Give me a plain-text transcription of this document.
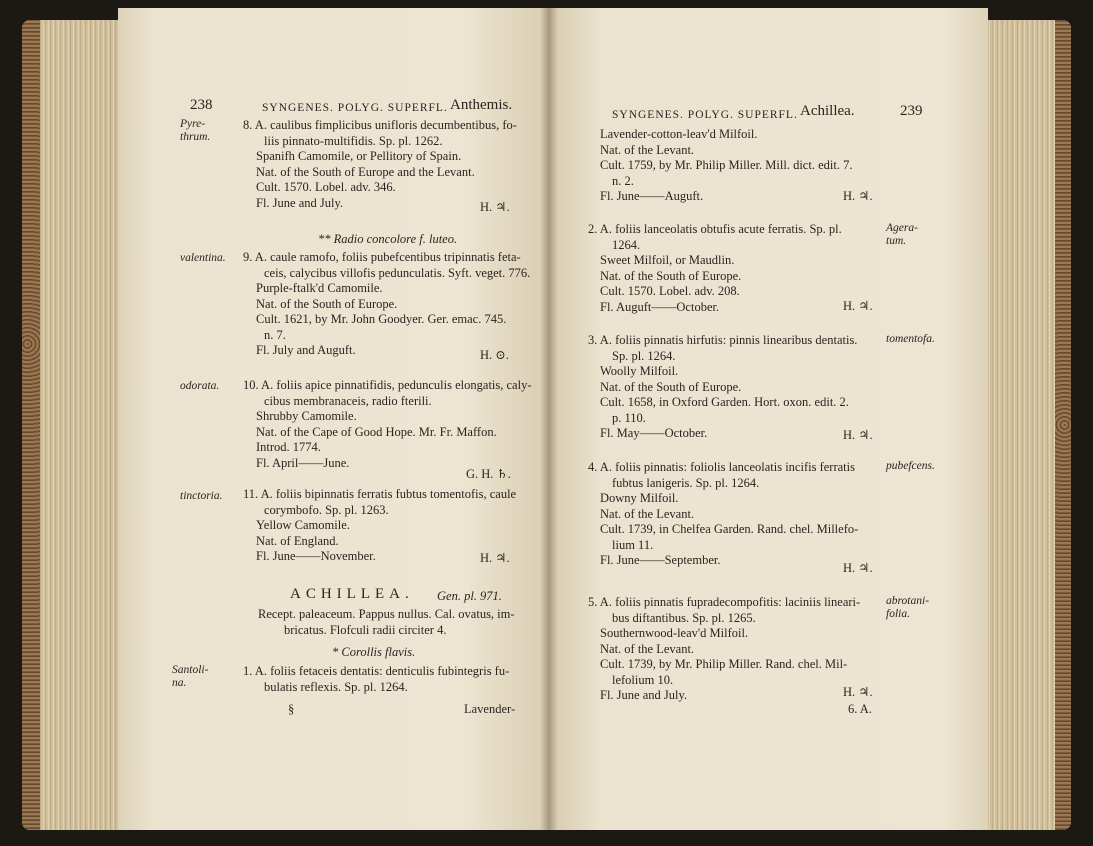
238	SYNGENES. POLYG. SUPERFL. Anthemis.
Pyre-
thrum.
8. A. caulibus fimplicibus unifloris decumbentibus, fo-
liis pinnato-multifidis. Sp. pl. 1262.
Spanifh Camomile, or Pellitory of Spain.
Nat. of the South of Europe and the Levant.
Cult. 1570. Lobel. adv. 346.
Fl. June and July.	H. ♃.
** Radio concolore f. luteo.
valentina. 9. A. caule ramofo, foliis pubefcentibus tripinnatis feta-
ceis, calycibus villofis pedunculatis. Syft. veget. 776.
Purple-ftalk'd Camomile.
Nat. of the South of Europe.
Cult. 1621, by Mr. John Goodyer. Ger. emac. 745.
n. 7.
Fl. July and Auguft.	H. ⊙.
odorata. 10. A. foliis apice pinnatifidis, pedunculis elongatis, caly-
cibus membranaceis, radio fterili.
Shrubby Camomile.
Nat. of the Cape of Good Hope. Mr. Fr. Maffon.
Introd. 1774.
Fl. April——June.
G. H. ♄.
tinctoria. 11. A. foliis bipinnatis ferratis fubtus tomentofis, caule
corymbofo. Sp. pl. 1263.
Yellow Camomile.
Nat. of England.
Fl. June——November.	H. ♃.
ACHILLEA. Gen. pl. 971.
Recept. paleaceum. Pappus nullus. Cal. ovatus, im-
bricatus. Flofculi radii circiter 4.
* Corollis flavis.
Santoli-
na.
1. A. foliis fetaceis dentatis: denticulis fubintegris fu-
bulatis reflexis. Sp. pl. 1264.
§	Lavender-
SYNGENES. POLYG. SUPERFL. Achillea.	239
Lavender-cotton-leav'd Milfoil.
Nat. of the Levant.
Cult. 1759, by Mr. Philip Miller. Mill. dict. edit. 7.
n. 2.
Fl. June——Auguft.	H. ♃.
Agera-
tum.
2. A. foliis lanceolatis obtufis acute ferratis. Sp. pl.
1264.
Sweet Milfoil, or Maudlin.
Nat. of the South of Europe.
Cult. 1570. Lobel. adv. 208.
Fl. Auguft——October.	H. ♃.
tomentofa.
3. A. foliis pinnatis hirfutis: pinnis linearibus dentatis.
Sp. pl. 1264.
Woolly Milfoil.
Nat. of the South of Europe.
Cult. 1658, in Oxford Garden. Hort. oxon. edit. 2.
p. 110.
Fl. May——October.	H. ♃.
pubefcens.
4. A. foliis pinnatis: foliolis lanceolatis incifis ferratis
fubtus lanigeris. Sp. pl. 1264.
Downy Milfoil.
Nat. of the Levant.
Cult. 1739, in Chelfea Garden. Rand. chel. Millefo-
lium 11.
Fl. June——September.
H. ♃.
abrotani-
folia.
5. A. foliis pinnatis fupradecompofitis: laciniis lineari-
bus diftantibus. Sp. pl. 1265.
Southernwood-leav'd Milfoil.
Nat. of the Levant.
Cult. 1739, by Mr. Philip Miller. Rand. chel. Mil-
lefolium 10.
Fl. June and July.	H. ♃.
6. A.
